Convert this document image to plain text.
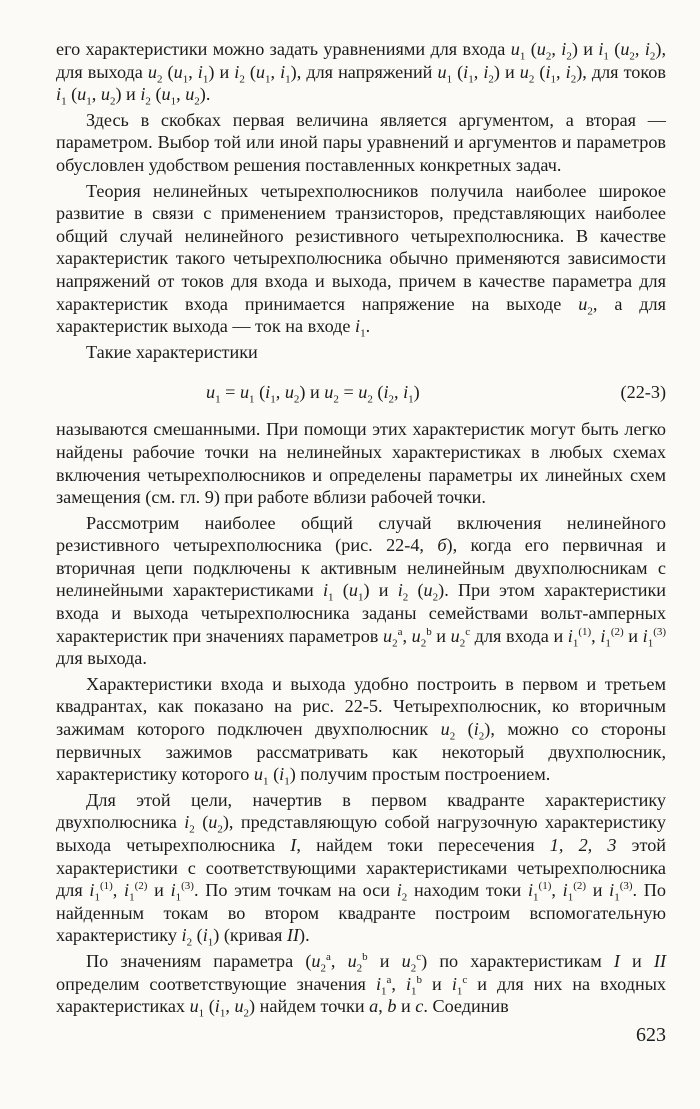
его характеристики можно задать уравнениями для входа $u_1$ ($u_2$, $i_2$) и $i_1$ ($u_2$, $i_2$), для выхода $u_2$ ($u_1$, $i_1$) и $i_2$ ($u_1$, $i_1$), для напряжений $u_1$ ($i_1$, $i_2$) и $u_2$ ($i_1$, $i_2$), для токов $i_1$ ($u_1$, $u_2$) и $i_2$ ($u_1$, $u_2$).

Здесь в скобках первая величина является аргументом, а вторая — параметром. Выбор той или иной пары уравнений и аргументов и параметров обусловлен удобством решения поставленных конкретных задач.

Теория нелинейных четырехполюсников получила наиболее широкое развитие в связи с применением транзисторов, представляющих наиболее общий случай нелинейного резистивного четырехполюсника. В качестве характеристик такого четырехполюсника обычно применяются зависимости напряжений от токов для входа и выхода, причем в качестве параметра для характеристик входа принимается напряжение на выходе $u_2$, а для характеристик выхода — ток на входе $i_1$.

Такие характеристики

$u_1 = u_1$ ($i_1$, $u_2$) и $u_2 = u_2$ ($i_2$, $i_1$)	(22-3)

называются смешанными. При помощи этих характеристик могут быть легко найдены рабочие точки на нелинейных характеристиках в любых схемах включения четырехполюсников и определены параметры их линейных схем замещения (см. гл. 9) при работе вблизи рабочей точки.

Рассмотрим наиболее общий случай включения нелинейного резистивного четырехполюсника (рис. 22-4, б), когда его первичная и вторичная цепи подключены к активным нелинейным двухполюсникам с нелинейными характеристиками $i_1$ $(u_1)$ и $i_2$ $(u_2)$. При этом характеристики входа и выхода четырехполюсника заданы семействами вольт-амперных характеристик при значениях параметров $u_2^a$, $u_2^b$ и $u_2^c$ для входа и $i_1^{(1)}$, $i_1^{(2)}$ и $i_1^{(3)}$ для выхода.

Характеристики входа и выхода удобно построить в первом и третьем квадрантах, как показано на рис. 22-5. Четырехполюсник, ко вторичным зажимам которого подключен двухполюсник $u_2$ $(i_2)$, можно со стороны первичных зажимов рассматривать как некоторый двухполюсник, характеристику которого $u_1$ $(i_1)$ получим простым построением.

Для этой цели, начертив в первом квадранте характеристику двухполюсника $i_2$ $(u_2)$, представляющую собой нагрузочную характеристику выхода четырехполюсника I, найдем токи пересечения 1, 2, 3 этой характеристики с соответствующими характеристиками четырехполюсника для $i_1^{(1)}$, $i_1^{(2)}$ и $i_1^{(3)}$. По этим точкам на оси $i_2$ находим токи $i_1^{(1)}$, $i_1^{(2)}$ и $i_1^{(3)}$. По найденным токам во втором квадранте построим вспомогательную характеристику $i_2$ $(i_1)$ (кривая II).

По значениям параметра ($u_2^a$, $u_2^b$ и $u_2^c$) по характеристикам I и II определим соответствующие значения $i_1^a$, $i_1^b$ и $i_1^c$ и для них на входных характеристиках $u_1$ ($i_1$, $u_2$) найдем точки a, b и c. Соединив

623
